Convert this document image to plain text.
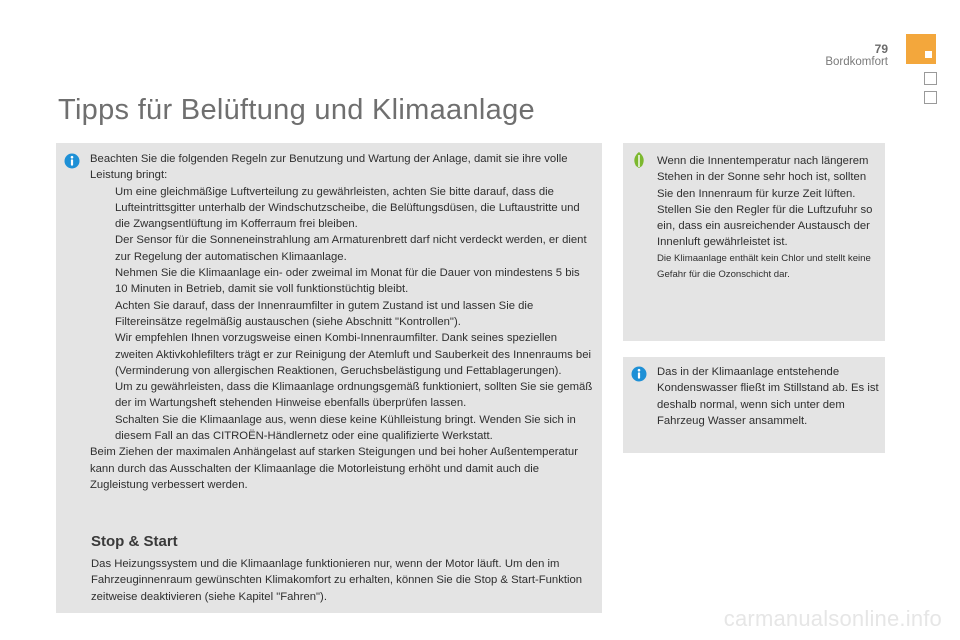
79
Bordkomfort
Tipps für Belüftung und Klimaanlage

Beachten Sie die folgenden Regeln zur Benutzung und Wartung der Anlage, damit sie ihre volle Leistung bringt:

Um eine gleichmäßige Luftverteilung zu gewährleisten, achten Sie bitte darauf, dass die Lufteintrittsgitter unterhalb der Windschutzscheibe, die Belüftungsdüsen, die Luftaustritte und die Zwangsentlüftung im Kofferraum frei bleiben.
Der Sensor für die Sonneneinstrahlung am Armaturenbrett darf nicht verdeckt werden, er dient zur Regelung der automatischen Klimaanlage.
Nehmen Sie die Klimaanlage ein- oder zweimal im Monat für die Dauer von mindestens 5 bis 10 Minuten in Betrieb, damit sie voll funktionstüchtig bleibt.
Achten Sie darauf, dass der Innenraumfilter in gutem Zustand ist und lassen Sie die Filtereinsätze regelmäßig austauschen (siehe Abschnitt "Kontrollen").
Wir empfehlen Ihnen vorzugsweise einen Kombi-Innenraumfilter. Dank seines speziellen zweiten Aktivkohlefilters trägt er zur Reinigung der Atemluft und Sauberkeit des Innenraums bei (Verminderung von allergischen Reaktionen, Geruchsbelästigung und Fettablagerungen).
Um zu gewährleisten, dass die Klimaanlage ordnungsgemäß funktioniert, sollten Sie sie gemäß der im Wartungsheft stehenden Hinweise ebenfalls überprüfen lassen.
Schalten Sie die Klimaanlage aus, wenn diese keine Kühlleistung bringt. Wenden Sie sich in diesem Fall an das CITROËN-Händlernetz oder eine qualifizierte Werkstatt.

Beim Ziehen der maximalen Anhängelast auf starken Steigungen und bei hoher Außentemperatur kann durch das Ausschalten der Klimaanlage die Motorleistung erhöht und damit auch die Zugleistung verbessert werden.

Stop & Start
Das Heizungssystem und die Klimaanlage funktionieren nur, wenn der Motor läuft. Um den im Fahrzeuginnenraum gewünschten Klimakomfort zu erhalten, können Sie die Stop & Start-Funktion zeitweise deaktivieren (siehe Kapitel "Fahren").
Wenn die Innentemperatur nach längerem Stehen in der Sonne sehr hoch ist, sollten Sie den Innenraum für kurze Zeit lüften.
Stellen Sie den Regler für die Luftzufuhr so ein, dass ein ausreichender Austausch der Innenluft gewährleistet ist.
Die Klimaanlage enthält kein Chlor und stellt keine Gefahr für die Ozonschicht dar.
Das in der Klimaanlage entstehende Kondenswasser fließt im Stillstand ab. Es ist deshalb normal, wenn sich unter dem Fahrzeug Wasser ansammelt.
carmanualsonline.info
